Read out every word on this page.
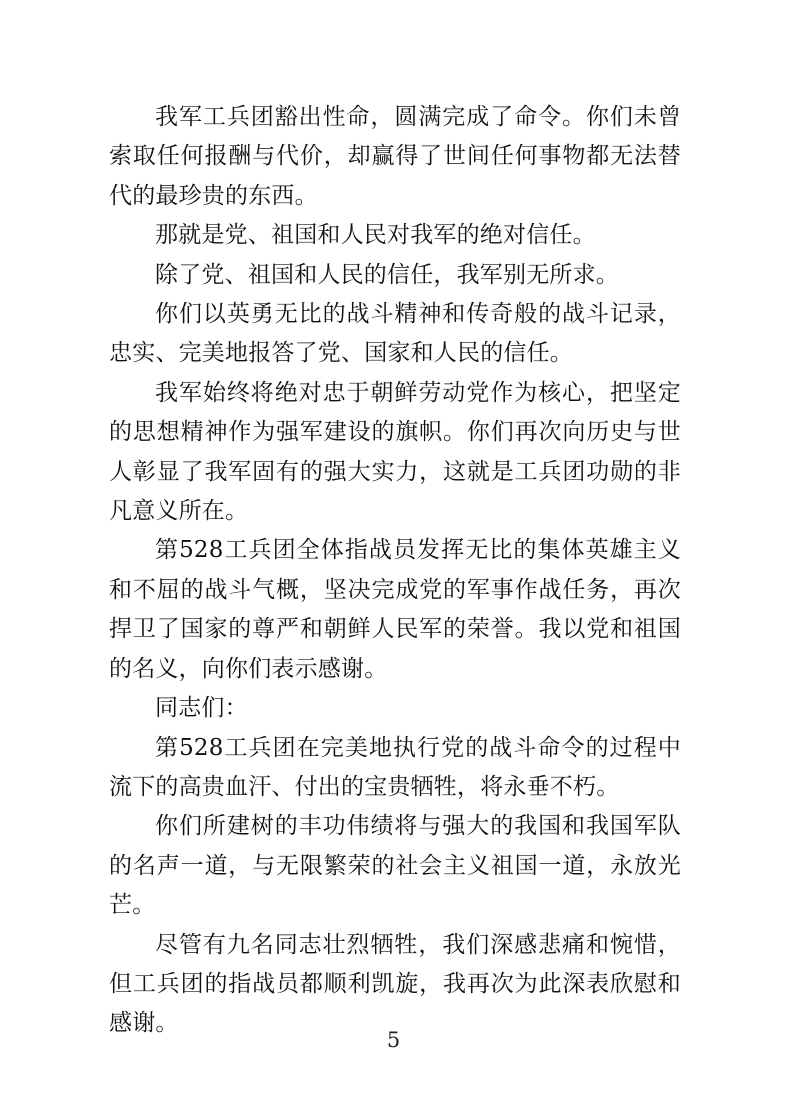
我军工兵团豁出性命，圆满完成了命令。你们未曾索取任何报酬与代价，却赢得了世间任何事物都无法替代的最珍贵的东西。

那就是党、祖国和人民对我军的绝对信任。

除了党、祖国和人民的信任，我军别无所求。

你们以英勇无比的战斗精神和传奇般的战斗记录，忠实、完美地报答了党、国家和人民的信任。

我军始终将绝对忠于朝鲜劳动党作为核心，把坚定的思想精神作为强军建设的旗帜。你们再次向历史与世人彰显了我军固有的强大实力，这就是工兵团功勋的非凡意义所在。

第528工兵团全体指战员发挥无比的集体英雄主义和不屈的战斗气概，坚决完成党的军事作战任务，再次捍卫了国家的尊严和朝鲜人民军的荣誉。我以党和祖国的名义，向你们表示感谢。

同志们：

第528工兵团在完美地执行党的战斗命令的过程中流下的高贵血汗、付出的宝贵牺牲，将永垂不朽。

你们所建树的丰功伟绩将与强大的我国和我国军队的名声一道，与无限繁荣的社会主义祖国一道，永放光芒。

尽管有九名同志壮烈牺牲，我们深感悲痛和惋惜，但工兵团的指战员都顺利凯旋，我再次为此深表欣慰和感谢。

5
